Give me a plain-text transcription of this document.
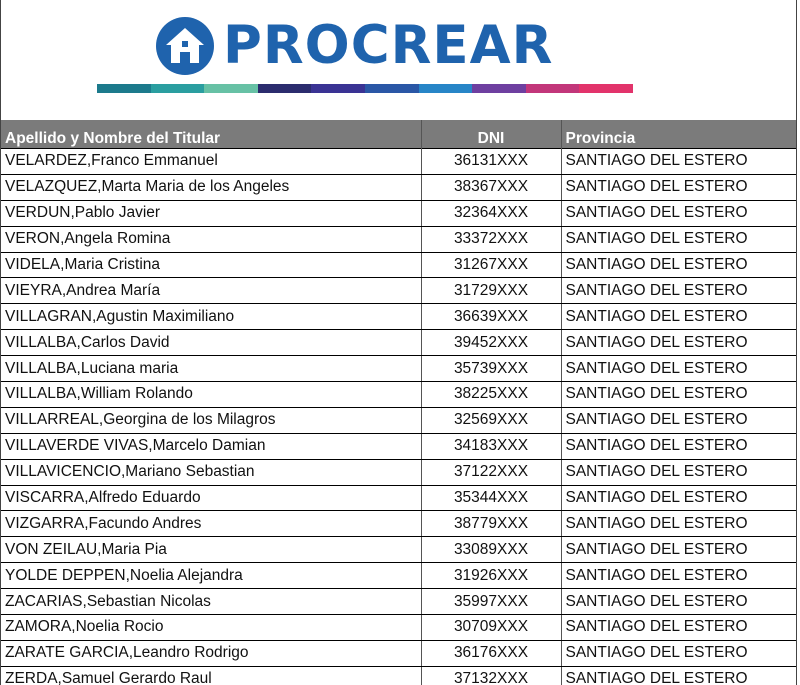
PROCREAR
Apellido y Nombre del Titular	DNI	Provincia
VELARDEZ,Franco Emmanuel	36131XXX	SANTIAGO DEL ESTERO
VELAZQUEZ,Marta Maria de los Angeles	38367XXX	SANTIAGO DEL ESTERO
VERDUN,Pablo Javier	32364XXX	SANTIAGO DEL ESTERO
VERON,Angela Romina	33372XXX	SANTIAGO DEL ESTERO
VIDELA,Maria Cristina	31267XXX	SANTIAGO DEL ESTERO
VIEYRA,Andrea María	31729XXX	SANTIAGO DEL ESTERO
VILLAGRAN,Agustin Maximiliano	36639XXX	SANTIAGO DEL ESTERO
VILLALBA,Carlos David	39452XXX	SANTIAGO DEL ESTERO
VILLALBA,Luciana maria	35739XXX	SANTIAGO DEL ESTERO
VILLALBA,William Rolando	38225XXX	SANTIAGO DEL ESTERO
VILLARREAL,Georgina de los Milagros	32569XXX	SANTIAGO DEL ESTERO
VILLAVERDE VIVAS,Marcelo Damian	34183XXX	SANTIAGO DEL ESTERO
VILLAVICENCIO,Mariano Sebastian	37122XXX	SANTIAGO DEL ESTERO
VISCARRA,Alfredo Eduardo	35344XXX	SANTIAGO DEL ESTERO
VIZGARRA,Facundo Andres	38779XXX	SANTIAGO DEL ESTERO
VON ZEILAU,Maria Pia	33089XXX	SANTIAGO DEL ESTERO
YOLDE DEPPEN,Noelia Alejandra	31926XXX	SANTIAGO DEL ESTERO
ZACARIAS,Sebastian Nicolas	35997XXX	SANTIAGO DEL ESTERO
ZAMORA,Noelia Rocio	30709XXX	SANTIAGO DEL ESTERO
ZARATE GARCIA,Leandro Rodrigo	36176XXX	SANTIAGO DEL ESTERO
ZERDA,Samuel Gerardo Raul	37132XXX	SANTIAGO DEL ESTERO
